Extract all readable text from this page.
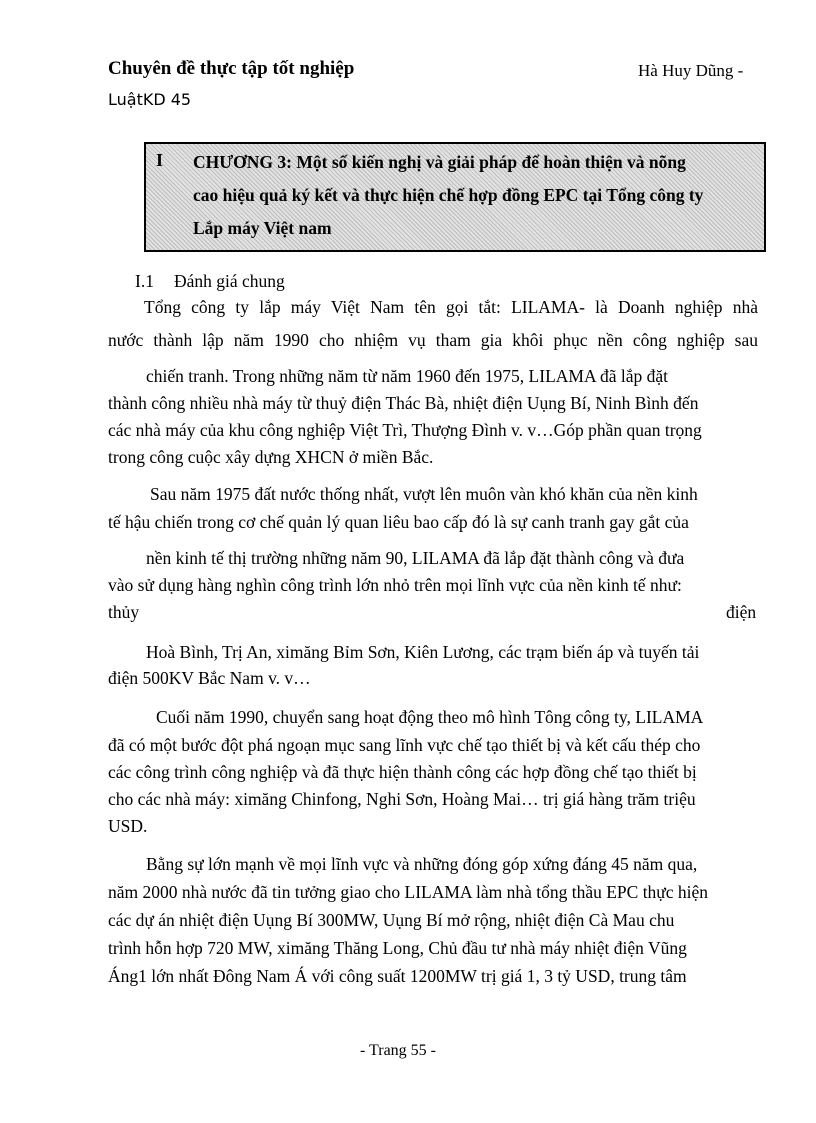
Chuyên đề thực tập tốt nghiệp	Hà Huy Dũng -
LuậtKD 45
I CHƯƠNG 3: Một số kiến nghị và giải pháp để hoàn thiện và nõng
cao hiệu quả ký kết và thực hiện chế hợp đồng EPC tại Tổng công ty
Lắp máy Việt nam
I.1 Đánh giá chung
Tổng công ty lắp máy Việt Nam tên gọi tắt: LILAMA- là Doanh nghiệp nhà
nước thành lập năm 1990 cho nhiệm vụ tham gia khôi phục nền công nghiệp sau
chiến tranh. Trong những năm từ năm 1960 đến 1975, LILAMA đã lắp đặt
thành công nhiều nhà máy từ thuỷ điện Thác Bà, nhiệt điện Uụng Bí, Ninh Bình đến
các nhà máy của khu công nghiệp Việt Trì, Thượng Đình v. v…Góp phần quan trọng
trong công cuộc xây dựng XHCN ở miền Bắc.
Sau năm 1975 đất nước thống nhất, vượt lên muôn vàn khó khăn của nền kinh
tế hậu chiến trong cơ chế quản lý quan liêu bao cấp đó là sự canh tranh gay gắt của
nền kinh tế thị trường những năm 90, LILAMA đã lắp đặt thành công và đưa
vào sử dụng hàng nghìn công trình lớn nhỏ trên mọi lĩnh vực của nền kinh tế như:
thủy	điện
Hoà Bình, Trị An, ximăng Bỉm Sơn, Kiên Lương, các trạm biến áp và tuyến tải
điện 500KV Bắc Nam v. v…
Cuối năm 1990, chuyển sang hoạt động theo mô hình Tông công ty, LILAMA
đã có một bước đột phá ngoạn mục sang lĩnh vực chế tạo thiết bị và kết cấu thép cho
các công trình công nghiệp và đã thực hiện thành công các hợp đồng chế tạo thiết bị
cho các nhà máy: ximăng Chinfong, Nghi Sơn, Hoàng Mai… trị giá hàng trăm triệu
USD.
Bằng sự lớn mạnh về mọi lĩnh vực và những đóng góp xứng đáng 45 năm qua,
năm 2000 nhà nước đã tin tưởng giao cho LILAMA làm nhà tổng thầu EPC thực hiện
các dự án nhiệt điện Uụng Bí 300MW, Uụng Bí mở rộng, nhiệt điện Cà Mau chu
trình hỗn hợp 720 MW, ximăng Thăng Long, Chủ đầu tư nhà máy nhiệt điện Vũng
Áng1 lớn nhất Đông Nam Á với công suất 1200MW trị giá 1, 3 tỷ USD, trung tâm
- Trang 55 -
